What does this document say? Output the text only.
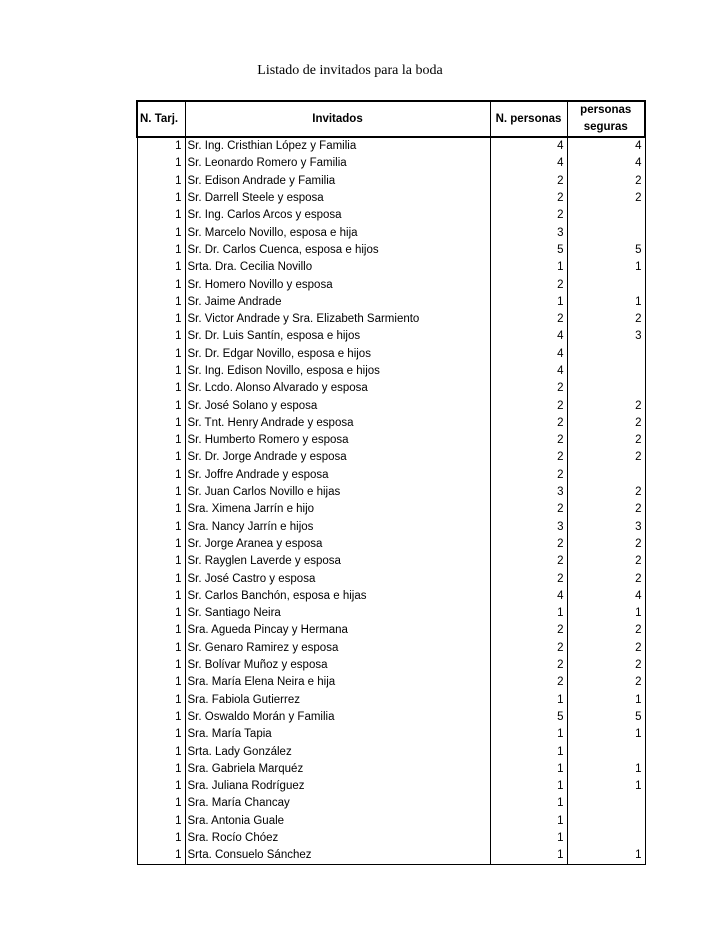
Listado de invitados para la boda
N. Tarj.	Invitados	N. personas	personas
seguras

1	Sr. Ing. Cristhian López y Familia	4	4
1	Sr. Leonardo Romero y Familia	4	4
1	Sr. Edison Andrade y Familia	2	2
1	Sr. Darrell Steele y esposa	2	2
1	Sr. Ing. Carlos Arcos y esposa	2	
1	Sr. Marcelo Novillo, esposa e hija	3	
1	Sr. Dr. Carlos Cuenca, esposa e hijos	5	5
1	Srta. Dra. Cecilia Novillo	1	1
1	Sr. Homero Novillo y esposa	2	
1	Sr. Jaime Andrade	1	1
1	Sr. Victor Andrade y Sra. Elizabeth Sarmiento	2	2
1	Sr. Dr. Luis Santín, esposa e hijos	4	3
1	Sr. Dr. Edgar Novillo, esposa e hijos	4	
1	Sr. Ing. Edison Novillo, esposa e hijos	4	
1	Sr. Lcdo. Alonso Alvarado y esposa	2	
1	Sr. José Solano y esposa	2	2
1	Sr. Tnt. Henry Andrade y esposa	2	2
1	Sr. Humberto Romero y esposa	2	2
1	Sr. Dr. Jorge Andrade y esposa	2	2
1	Sr. Joffre Andrade y esposa	2	
1	Sr. Juan Carlos Novillo e hijas	3	2
1	Sra. Ximena Jarrín e hijo	2	2
1	Sra. Nancy Jarrín e hijos	3	3
1	Sr. Jorge Aranea y esposa	2	2
1	Sr. Rayglen Laverde y esposa	2	2
1	Sr. José Castro y esposa	2	2
1	Sr. Carlos Banchón, esposa e hijas	4	4
1	Sr. Santiago Neira	1	1
1	Sra. Agueda Pincay y Hermana	2	2
1	Sr. Genaro Ramirez y esposa	2	2
1	Sr. Bolívar Muñoz y esposa	2	2
1	Sra. María Elena Neira e hija	2	2
1	Sra. Fabiola Gutierrez	1	1
1	Sr. Oswaldo Morán y Familia	5	5
1	Sra. María Tapia	1	1
1	Srta. Lady González	1	
1	Sra. Gabriela Marquéz	1	1
1	Sra. Juliana Rodríguez	1	1
1	Sra. María Chancay	1	
1	Sra. Antonia Guale	1	
1	Sra. Rocío Chóez	1	
1	Srta. Consuelo Sánchez	1	1
